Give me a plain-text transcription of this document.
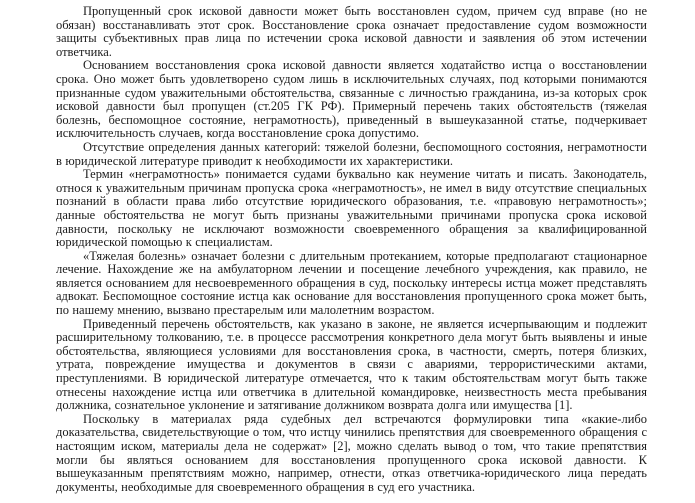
Пропущенный срок исковой давности может быть восстановлен судом, причем суд вправе (но не обязан) восстанавливать этот срок. Восстановление срока означает предоставление судом возможности защиты субъективных прав лица по истечении срока исковой давности и заявления об этом истечении ответчика.

Основанием восстановления срока исковой давности является ходатайство истца о восстановлении срока. Оно может быть удовлетворено судом лишь в исключительных случаях, под которыми понимаются признанные судом уважительными обстоятельства, связанные с личностью гражданина, из-за которых срок исковой давности был пропущен (ст.205 ГК РФ). Примерный перечень таких обстоятельств (тяжелая болезнь, беспомощное состояние, неграмотность), приведенный в вышеуказанной статье, подчеркивает исключительность случаев, когда восстановление срока допустимо.

Отсутствие определения данных категорий: тяжелой болезни, беспомощного состояния, неграмотности в юридической литературе приводит к необходимости их характеристики.

Термин «неграмотность» понимается судами буквально как неумение читать и писать. Законодатель, относя к уважительным причинам пропуска срока «неграмотность», не имел в виду отсутствие специальных познаний в области права либо отсутствие юридического образования, т.е. «правовую неграмотность»; данные обстоятельства не могут быть признаны уважительными причинами пропуска срока исковой давности, поскольку не исключают возможности своевременного обращения за квалифицированной юридической помощью к специалистам.

«Тяжелая болезнь» означает болезни с длительным протеканием, которые предполагают стационарное лечение. Нахождение же на амбулаторном лечении и посещение лечебного учреждения, как правило, не является основанием для несвоевременного обращения в суд, поскольку интересы истца может представлять адвокат. Беспомощное состояние истца как основание для восстановления пропущенного срока может быть, по нашему мнению, вызвано престарелым или малолетним возрастом.

Приведенный перечень обстоятельств, как указано в законе, не является исчерпывающим и подлежит расширительному толкованию, т.е. в процессе рассмотрения конкретного дела могут быть выявлены и иные обстоятельства, являющиеся условиями для восстановления срока, в частности, смерть, потеря близких, утрата, повреждение имущества и документов в связи с авариями, террористическими актами, преступлениями. В юридической литературе отмечается, что к таким обстоятельствам могут быть также отнесены нахождение истца или ответчика в длительной командировке, неизвестность места пребывания должника, сознательное уклонение и затягивание должником возврата долга или имущества [1].

Поскольку в материалах ряда судебных дел встречаются формулировки типа «какие-либо доказательства, свидетельствующие о том, что истцу чинились препятствия для своевременного обращения с настоящим иском, материалы дела не содержат» [2], можно сделать вывод о том, что такие препятствия могли бы являться основанием для восстановления пропущенного срока исковой давности. К вышеуказанным препятствиям можно, например, отнести, отказ ответчика-юридического лица передать документы, необходимые для своевременного обращения в суд его участника.
